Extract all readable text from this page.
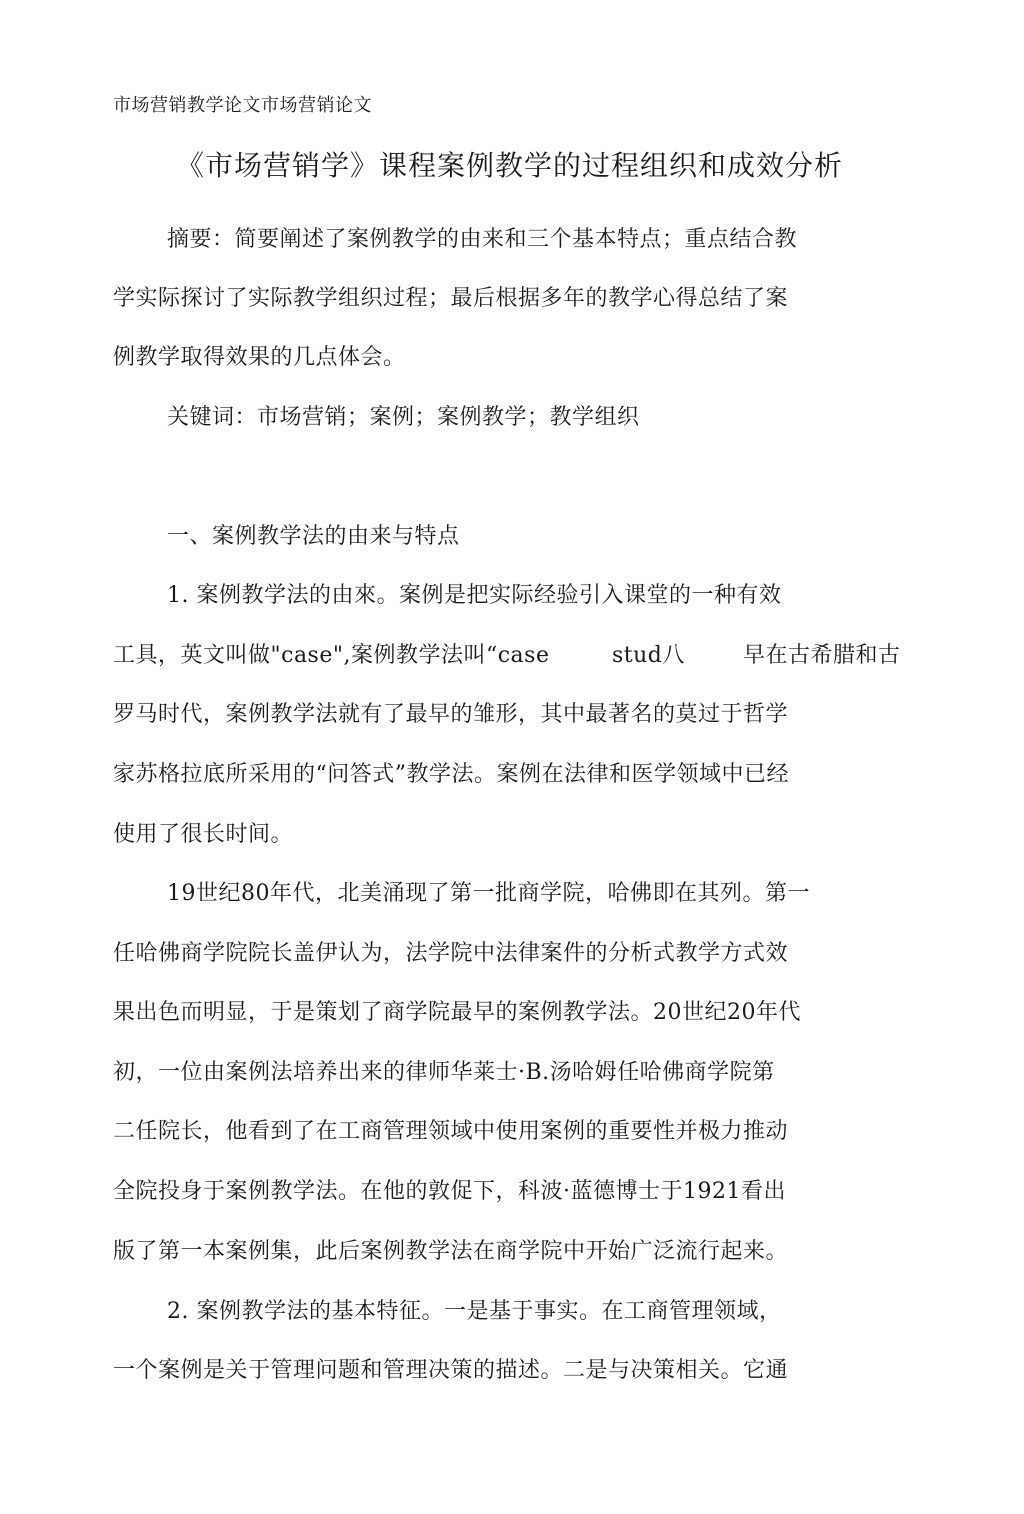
市场营销教学论文市场营销论文
《市场营销学》课程案例教学的过程组织和成效分析
摘要：简要阐述了案例教学的由来和三个基本特点；重点结合教
学实际探讨了实际教学组织过程；最后根据多年的教学心得总结了案
例教学取得效果的几点体会。
关键词：市场营销；案例；案例教学；教学组织
一、案例教学法的由来与特点
1. 案例教学法的由來。案例是把实际经验引入课堂的一种有效
工具，英文叫做"case",案例教学法叫“case	stud八	早在古希腊和古
罗马时代，案例教学法就有了最早的雏形，其中最著名的莫过于哲学
家苏格拉底所采用的“问答式”教学法。案例在法律和医学领域中已经
使用了很长时间。
19世纪80年代，北美涌现了第一批商学院，哈佛即在其列。第一
任哈佛商学院院长盖伊认为，法学院中法律案件的分析式教学方式效
果出色而明显，于是策划了商学院最早的案例教学法。20世纪20年代
初，一位由案例法培养出来的律师华莱士·B.汤哈姆任哈佛商学院第
二任院长，他看到了在工商管理领域中使用案例的重要性并极力推动
全院投身于案例教学法。在他的敦促下，科波·蓝德博士于1921看出
版了第一本案例集，此后案例教学法在商学院中开始广泛流行起来。
2. 案例教学法的基本特征。一是基于事实。在工商管理领域，
一个案例是关于管理问题和管理决策的描述。二是与决策相关。它通
